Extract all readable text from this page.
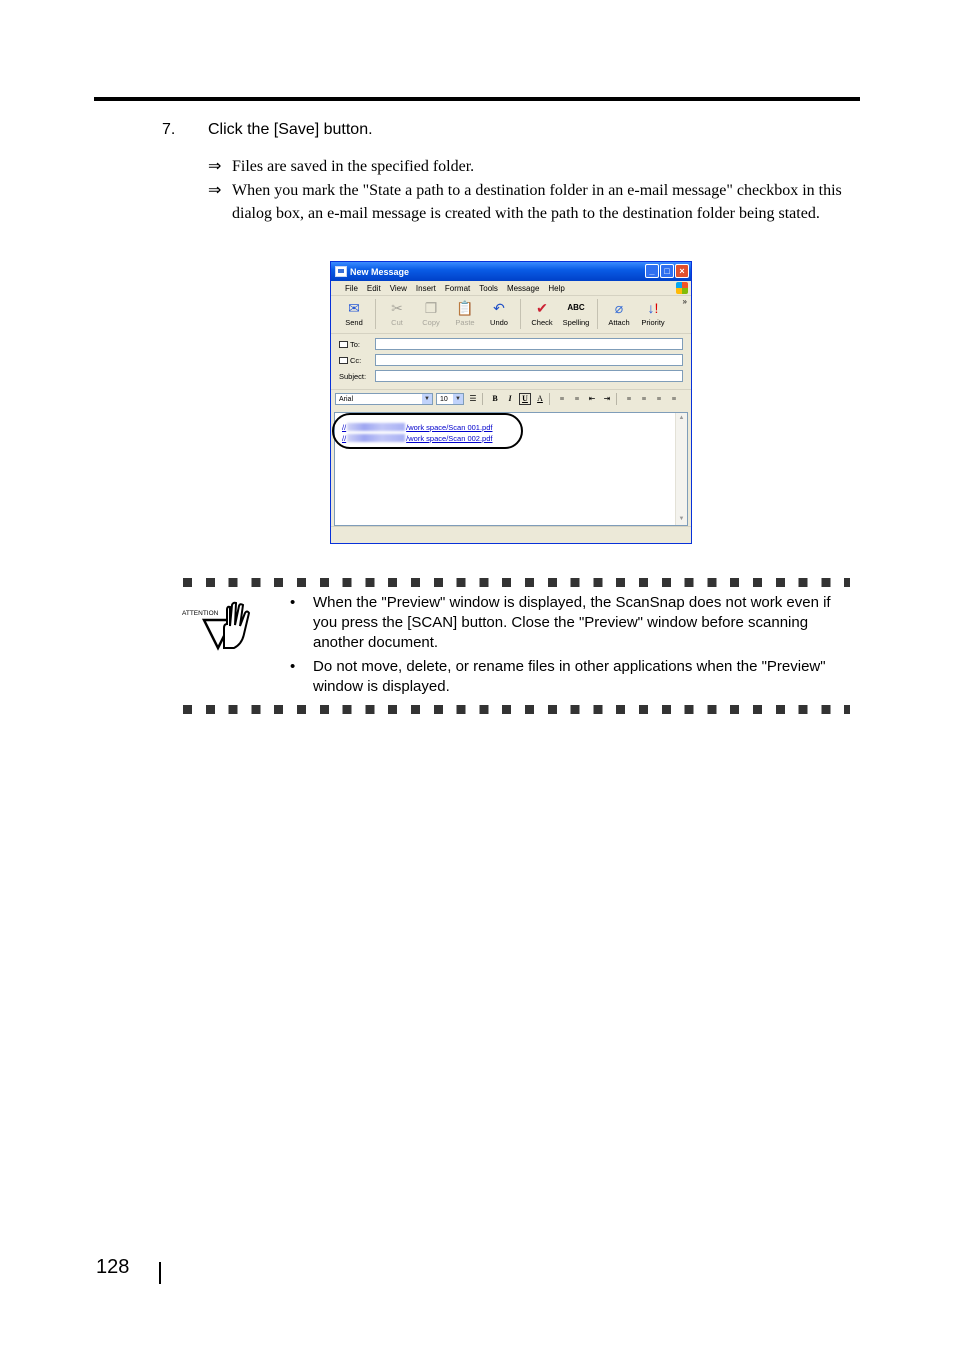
7. Click the [Save] button.
⇒ Files are saved in the specified folder.
⇒ When you mark the "State a path to a destination folder in an e-mail message" checkbox in this dialog box, an e-mail message is created with the path to the destination folder being stated.
New Message	_	□	×
File Edit View Insert Format Tools Message Help
✉
Send
✂
Cut
❐
Copy
📋
Paste
↶
Undo
✔
Check
ABC
Spelling
⌀
Attach
↓!
Priority
»
To:
Cc:
Subject:
Arial	▼	10	▼	☰	B	I	U	A	≡	≡	⇤	⇥	≡	≡	≡	≡
//	/work space/Scan 001.pdf
//	/work space/Scan 002.pdf
▲
▼
ATTENTION
• When the "Preview" window is displayed, the ScanSnap does not work even if you press the [SCAN] button. Close the "Preview" window before scanning another document.
• Do not move, delete, or rename files in other applications when the "Preview" window is displayed.
128
